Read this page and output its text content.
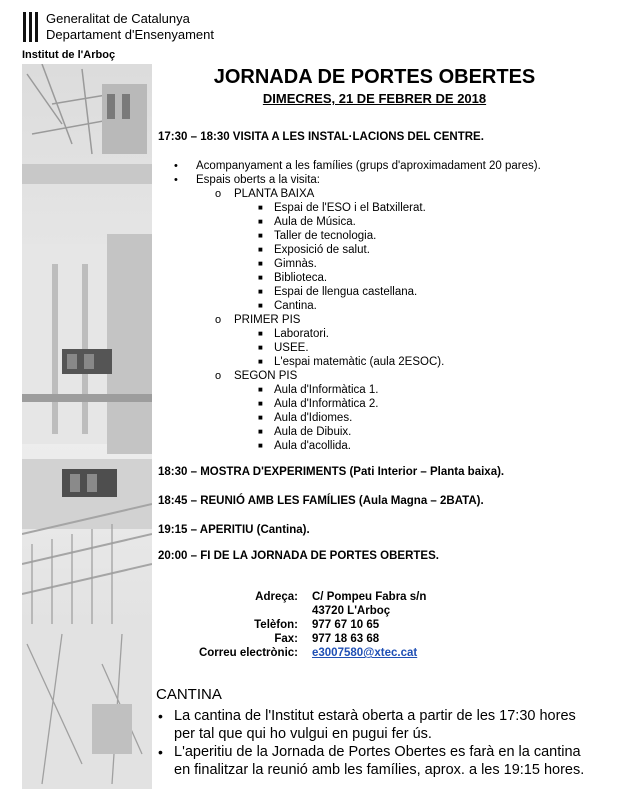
Generalitat de Catalunya
Departament d'Ensenyament
Institut de l'Arboç
JORNADA DE PORTES OBERTES
DIMECRES, 21 DE FEBRER DE 2018
17:30 – 18:30 VISITA A LES INSTAL·LACIONS DEL CENTRE.
• Acompanyament a les famílies (grups d'aproximadament 20 pares).
• Espais oberts a la visita:
o PLANTA BAIXA
■ Espai de l'ESO i el Batxillerat.
■ Aula de Música.
■ Taller de tecnologia.
■ Exposició de salut.
■ Gimnàs.
■ Biblioteca.
■ Espai de llengua castellana.
■ Cantina.
o PRIMER PIS
■ Laboratori.
■ USEE.
■ L'espai matemàtic (aula 2ESOC).
o SEGON PIS
■ Aula d'Informàtica 1.
■ Aula d'Informàtica 2.
■ Aula d'Idiomes.
■ Aula de Dibuix.
■ Aula d'acollida.
18:30 – MOSTRA D'EXPERIMENTS (Pati Interior – Planta baixa).
18:45 – REUNIÓ AMB LES FAMÍLIES (Aula Magna – 2BATA).
19:15 – APERITIU (Cantina).
20:00 – FI DE LA JORNADA DE PORTES OBERTES.
Adreça: C/ Pompeu Fabra s/n
43720 L'Arboç
Telèfon: 977 67 10 65
Fax: 977 18 63 68
Correu electrònic: e3007580@xtec.cat
CANTINA
• La cantina de l'Institut estarà oberta a partir de les 17:30 hores
per tal que qui ho vulgui en pugui fer ús.
• L'aperitiu de la Jornada de Portes Obertes es farà en la cantina
en finalitzar la reunió amb les famílies, aprox. a les 19:15 hores.
